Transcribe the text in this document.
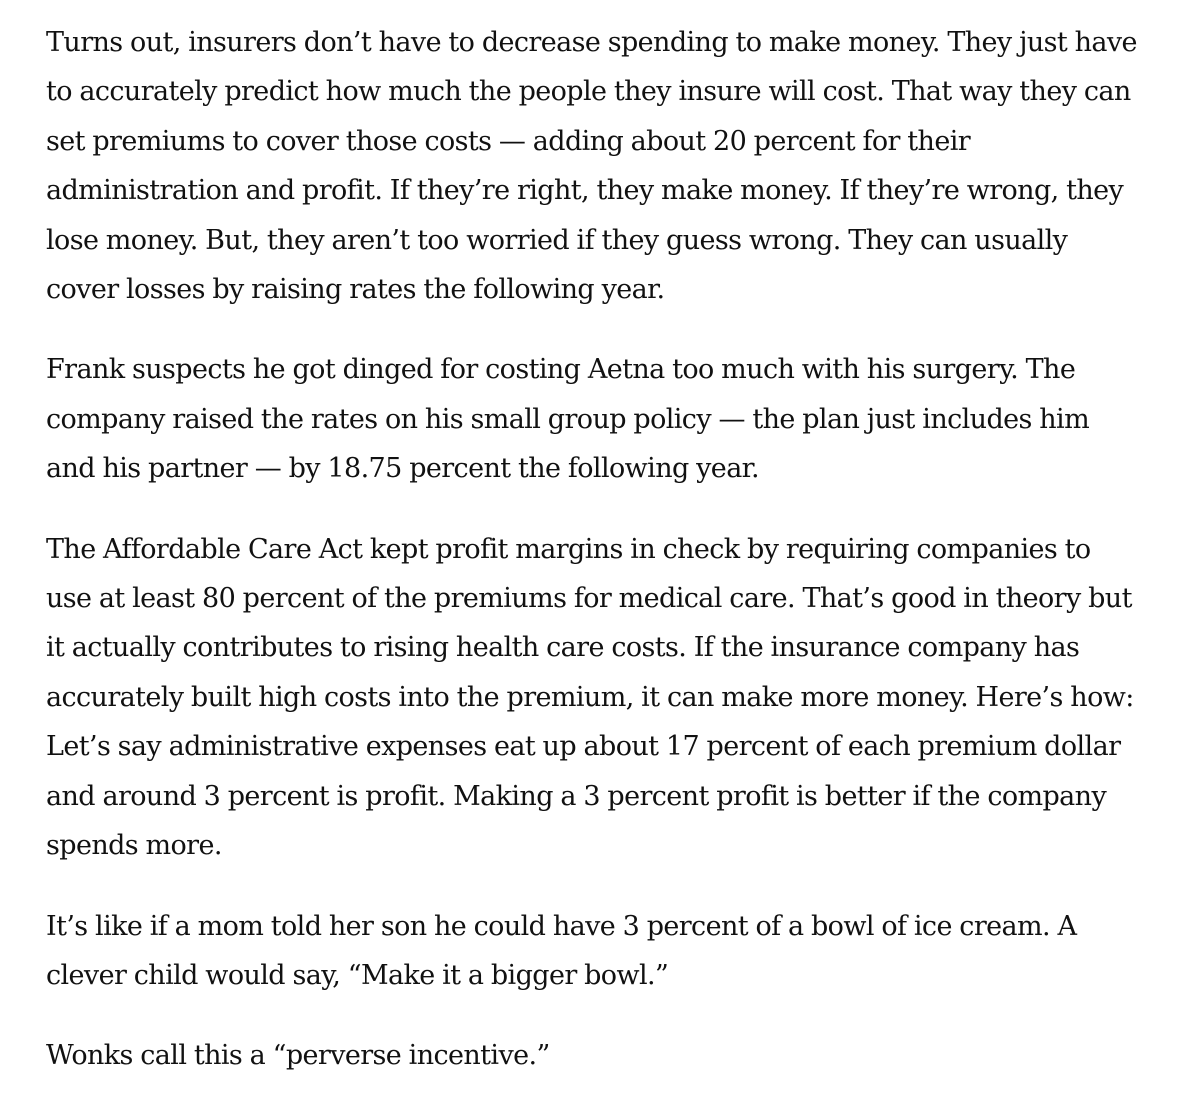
Turns out, insurers don’t have to decrease spending to make money. They just have to accurately predict how much the people they insure will cost. That way they can set premiums to cover those costs — adding about 20 percent for their administration and profit. If they’re right, they make money. If they’re wrong, they lose money. But, they aren’t too worried if they guess wrong. They can usually cover losses by raising rates the following year.

Frank suspects he got dinged for costing Aetna too much with his surgery. The company raised the rates on his small group policy — the plan just includes him and his partner — by 18.75 percent the following year.

The Affordable Care Act kept profit margins in check by requiring companies to use at least 80 percent of the premiums for medical care. That’s good in theory but it actually contributes to rising health care costs. If the insurance company has accurately built high costs into the premium, it can make more money. Here’s how: Let’s say administrative expenses eat up about 17 percent of each premium dollar and around 3 percent is profit. Making a 3 percent profit is better if the company spends more.

It’s like if a mom told her son he could have 3 percent of a bowl of ice cream. A clever child would say, “Make it a bigger bowl.”

Wonks call this a “perverse incentive.”
